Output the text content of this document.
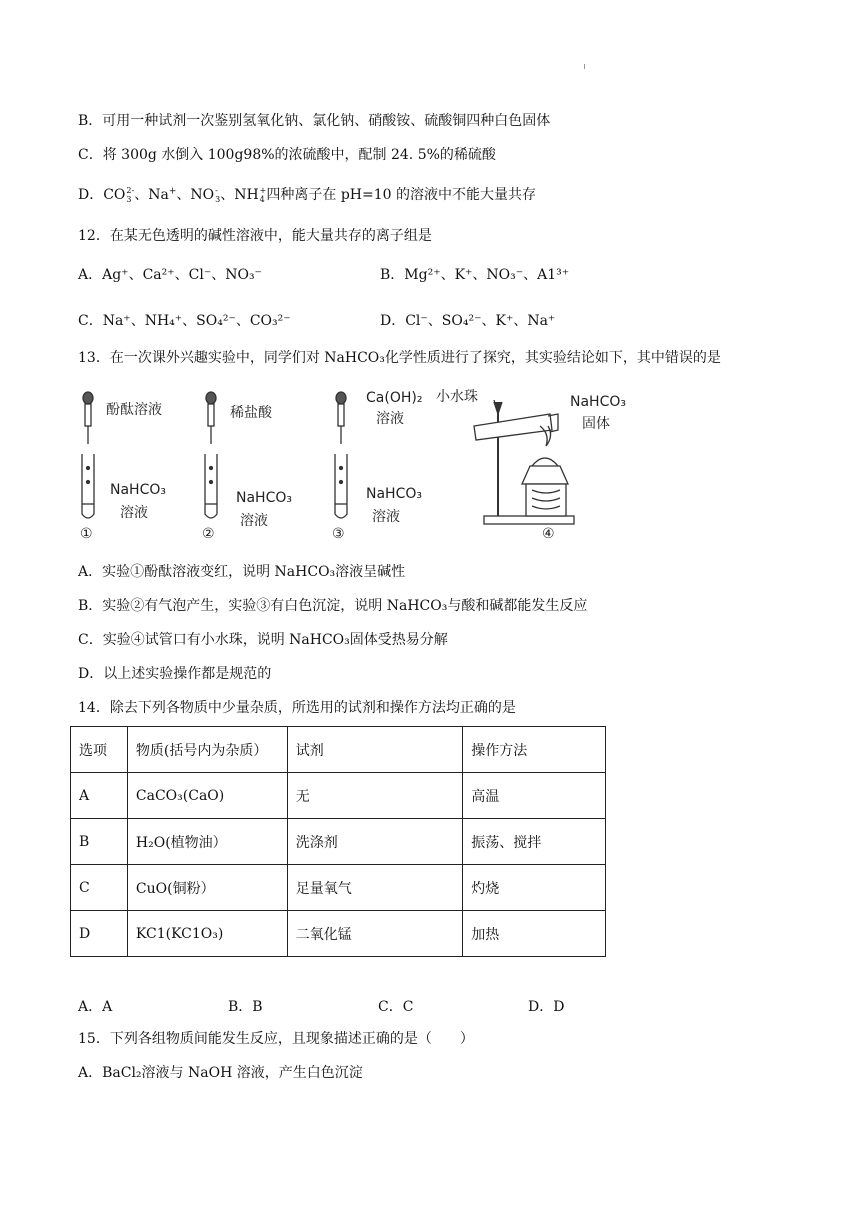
B．可用一种试剂一次鉴别氢氧化钠、氯化钠、硝酸铵、硫酸铜四种白色固体
C．将 300g 水倒入 100g98%的浓硫酸中，配制 24. 5%的稀硫酸
D．CO 2-
3 、Na+、NO -
3 、NH +
4 四种离子在 pH=10 的溶液中不能大量共存
12．在某无色透明的碱性溶液中，能大量共存的离子组是
A．Ag⁺、Ca²⁺、Cl⁻、NO₃⁻	B．Mg²⁺、K⁺、NO₃⁻、A1³⁺
C．Na⁺、NH₄⁺、SO₄²⁻、CO₃²⁻	D．Cl⁻、SO₄²⁻、K⁺、Na⁺
13．在一次课外兴趣实验中，同学们对 NaHCO₃化学性质进行了探究，其实验结论如下，其中错误的是
酚酞溶液	稀盐酸
Ca(OH)₂
溶液
NaHCO₃
溶液
NaHCO₃
溶液
NaHCO₃
溶液
小水珠	NaHCO₃
固体
①	②	③	④
A．实验①酚酞溶液变红，说明 NaHCO₃溶液呈碱性
B．实验②有气泡产生，实验③有白色沉淀，说明 NaHCO₃与酸和碱都能发生反应
C．实验④试管口有小水珠，说明 NaHCO₃固体受热易分解
D．以上述实验操作都是规范的
14．除去下列各物质中少量杂质，所选用的试剂和操作方法均正确的是
选项	物质(括号内为杂质）	试剂	操作方法
A	CaCO₃(CaO)	无	高温
B	H₂O(植物油）	洗涤剂	振荡、搅拌
C	CuO(铜粉）	足量氧气	灼烧
D	KC1(KC1O₃)	二氧化锰	加热
A．A	B．B	C．C	D．D
15．下列各组物质间能发生反应，且现象描述正确的是（　　）
A．BaCl₂溶液与 NaOH 溶液，产生白色沉淀
